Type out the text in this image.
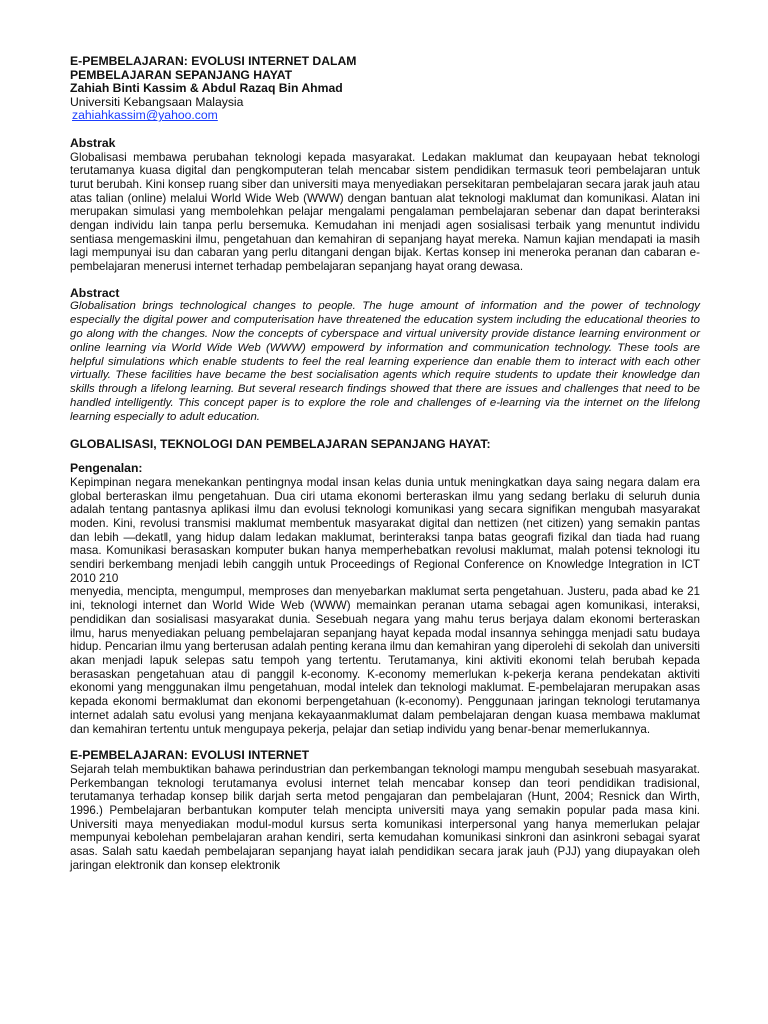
E-PEMBELAJARAN: EVOLUSI INTERNET DALAM
PEMBELAJARAN SEPANJANG HAYAT
Zahiah Binti Kassim & Abdul Razaq Bin Ahmad
Universiti Kebangsaan Malaysia
zahiahkassim@yahoo.com
Abstrak

Globalisasi membawa perubahan teknologi kepada masyarakat. Ledakan maklumat dan keupayaan hebat teknologi terutamanya kuasa digital dan pengkomputeran telah mencabar sistem pendidikan termasuk teori pembelajaran untuk turut berubah. Kini konsep ruang siber dan universiti maya menyediakan persekitaran pembelajaran secara jarak jauh atau atas talian (online) melalui World Wide Web (WWW) dengan bantuan alat teknologi maklumat dan komunikasi. Alatan ini merupakan simulasi yang membolehkan pelajar mengalami pengalaman pembelajaran sebenar dan dapat berinteraksi dengan individu lain tanpa perlu bersemuka. Kemudahan ini menjadi agen sosialisasi terbaik yang menuntut individu sentiasa mengemaskini ilmu, pengetahuan dan kemahiran di sepanjang hayat mereka. Namun kajian mendapati ia masih lagi mempunyai isu dan cabaran yang perlu ditangani dengan bijak. Kertas konsep ini meneroka peranan dan cabaran e-pembelajaran menerusi internet terhadap pembelajaran sepanjang hayat orang dewasa.

Abstract

Globalisation brings technological changes to people. The huge amount of information and the power of technology especially the digital power and computerisation have threatened the education system including the educational theories to go along with the changes. Now the concepts of cyberspace and virtual university provide distance learning environment or online learning via World Wide Web (WWW) empowerd by information and communication technology. These tools are helpful simulations which enable students to feel the real learning experience dan enable them to interact with each other virtually. These facilities have became the best socialisation agents which require students to update their knowledge dan skills through a lifelong learning. But several research findings showed that there are issues and challenges that need to be handled intelligently. This concept paper is to explore the role and challenges of e-learning via the internet on the lifelong learning especially to adult education.

GLOBALISASI, TEKNOLOGI DAN PEMBELAJARAN SEPANJANG HAYAT:
Pengenalan:

Kepimpinan negara menekankan pentingnya modal insan kelas dunia untuk meningkatkan daya saing negara dalam era global berteraskan ilmu pengetahuan. Dua ciri utama ekonomi berteraskan ilmu yang sedang berlaku di seluruh dunia adalah tentang pantasnya aplikasi ilmu dan evolusi teknologi komunikasi yang secara signifikan mengubah masyarakat moden. Kini, revolusi transmisi maklumat membentuk masyarakat digital dan nettizen (net citizen) yang semakin pantas dan lebih ―dekatǁ, yang hidup dalam ledakan maklumat, berinteraksi tanpa batas geografi fizikal dan tiada had ruang masa. Komunikasi berasaskan komputer bukan hanya memperhebatkan revolusi maklumat, malah potensi teknologi itu sendiri berkembang menjadi lebih canggih untuk Proceedings of Regional Conference on Knowledge Integration in ICT 2010 210

menyedia, mencipta, mengumpul, memproses dan menyebarkan maklumat serta pengetahuan. Justeru, pada abad ke 21 ini, teknologi internet dan World Wide Web (WWW) memainkan peranan utama sebagai agen komunikasi, interaksi, pendidikan dan sosialisasi masyarakat dunia. Sesebuah negara yang mahu terus berjaya dalam ekonomi berteraskan ilmu, harus menyediakan peluang pembelajaran sepanjang hayat kepada modal insannya sehingga menjadi satu budaya hidup. Pencarian ilmu yang berterusan adalah penting kerana ilmu dan kemahiran yang diperolehi di sekolah dan universiti akan menjadi lapuk selepas satu tempoh yang tertentu. Terutamanya, kini aktiviti ekonomi telah berubah kepada berasaskan pengetahuan atau di panggil k-economy. K-economy memerlukan k-pekerja kerana pendekatan aktiviti ekonomi yang menggunakan ilmu pengetahuan, modal intelek dan teknologi maklumat. E-pembelajaran merupakan asas kepada ekonomi bermaklumat dan ekonomi berpengetahuan (k-economy). Penggunaan jaringan teknologi terutamanya internet adalah satu evolusi yang menjana kekayaanmaklumat dalam pembelajaran dengan kuasa membawa maklumat dan kemahiran tertentu untuk mengupaya pekerja, pelajar dan setiap individu yang benar-benar memerlukannya.

E-PEMBELAJARAN: EVOLUSI INTERNET

Sejarah telah membuktikan bahawa perindustrian dan perkembangan teknologi mampu mengubah sesebuah masyarakat. Perkembangan teknologi terutamanya evolusi internet telah mencabar konsep dan teori pendidikan tradisional, terutamanya terhadap konsep bilik darjah serta metod pengajaran dan pembelajaran (Hunt, 2004; Resnick dan Wirth, 1996.) Pembelajaran berbantukan komputer telah mencipta universiti maya yang semakin popular pada masa kini. Universiti maya menyediakan modul-modul kursus serta komunikasi interpersonal yang hanya memerlukan pelajar mempunyai kebolehan pembelajaran arahan kendiri, serta kemudahan komunikasi sinkroni dan asinkroni sebagai syarat asas. Salah satu kaedah pembelajaran sepanjang hayat ialah pendidikan secara jarak jauh (PJJ) yang diupayakan oleh jaringan elektronik dan konsep elektronik
